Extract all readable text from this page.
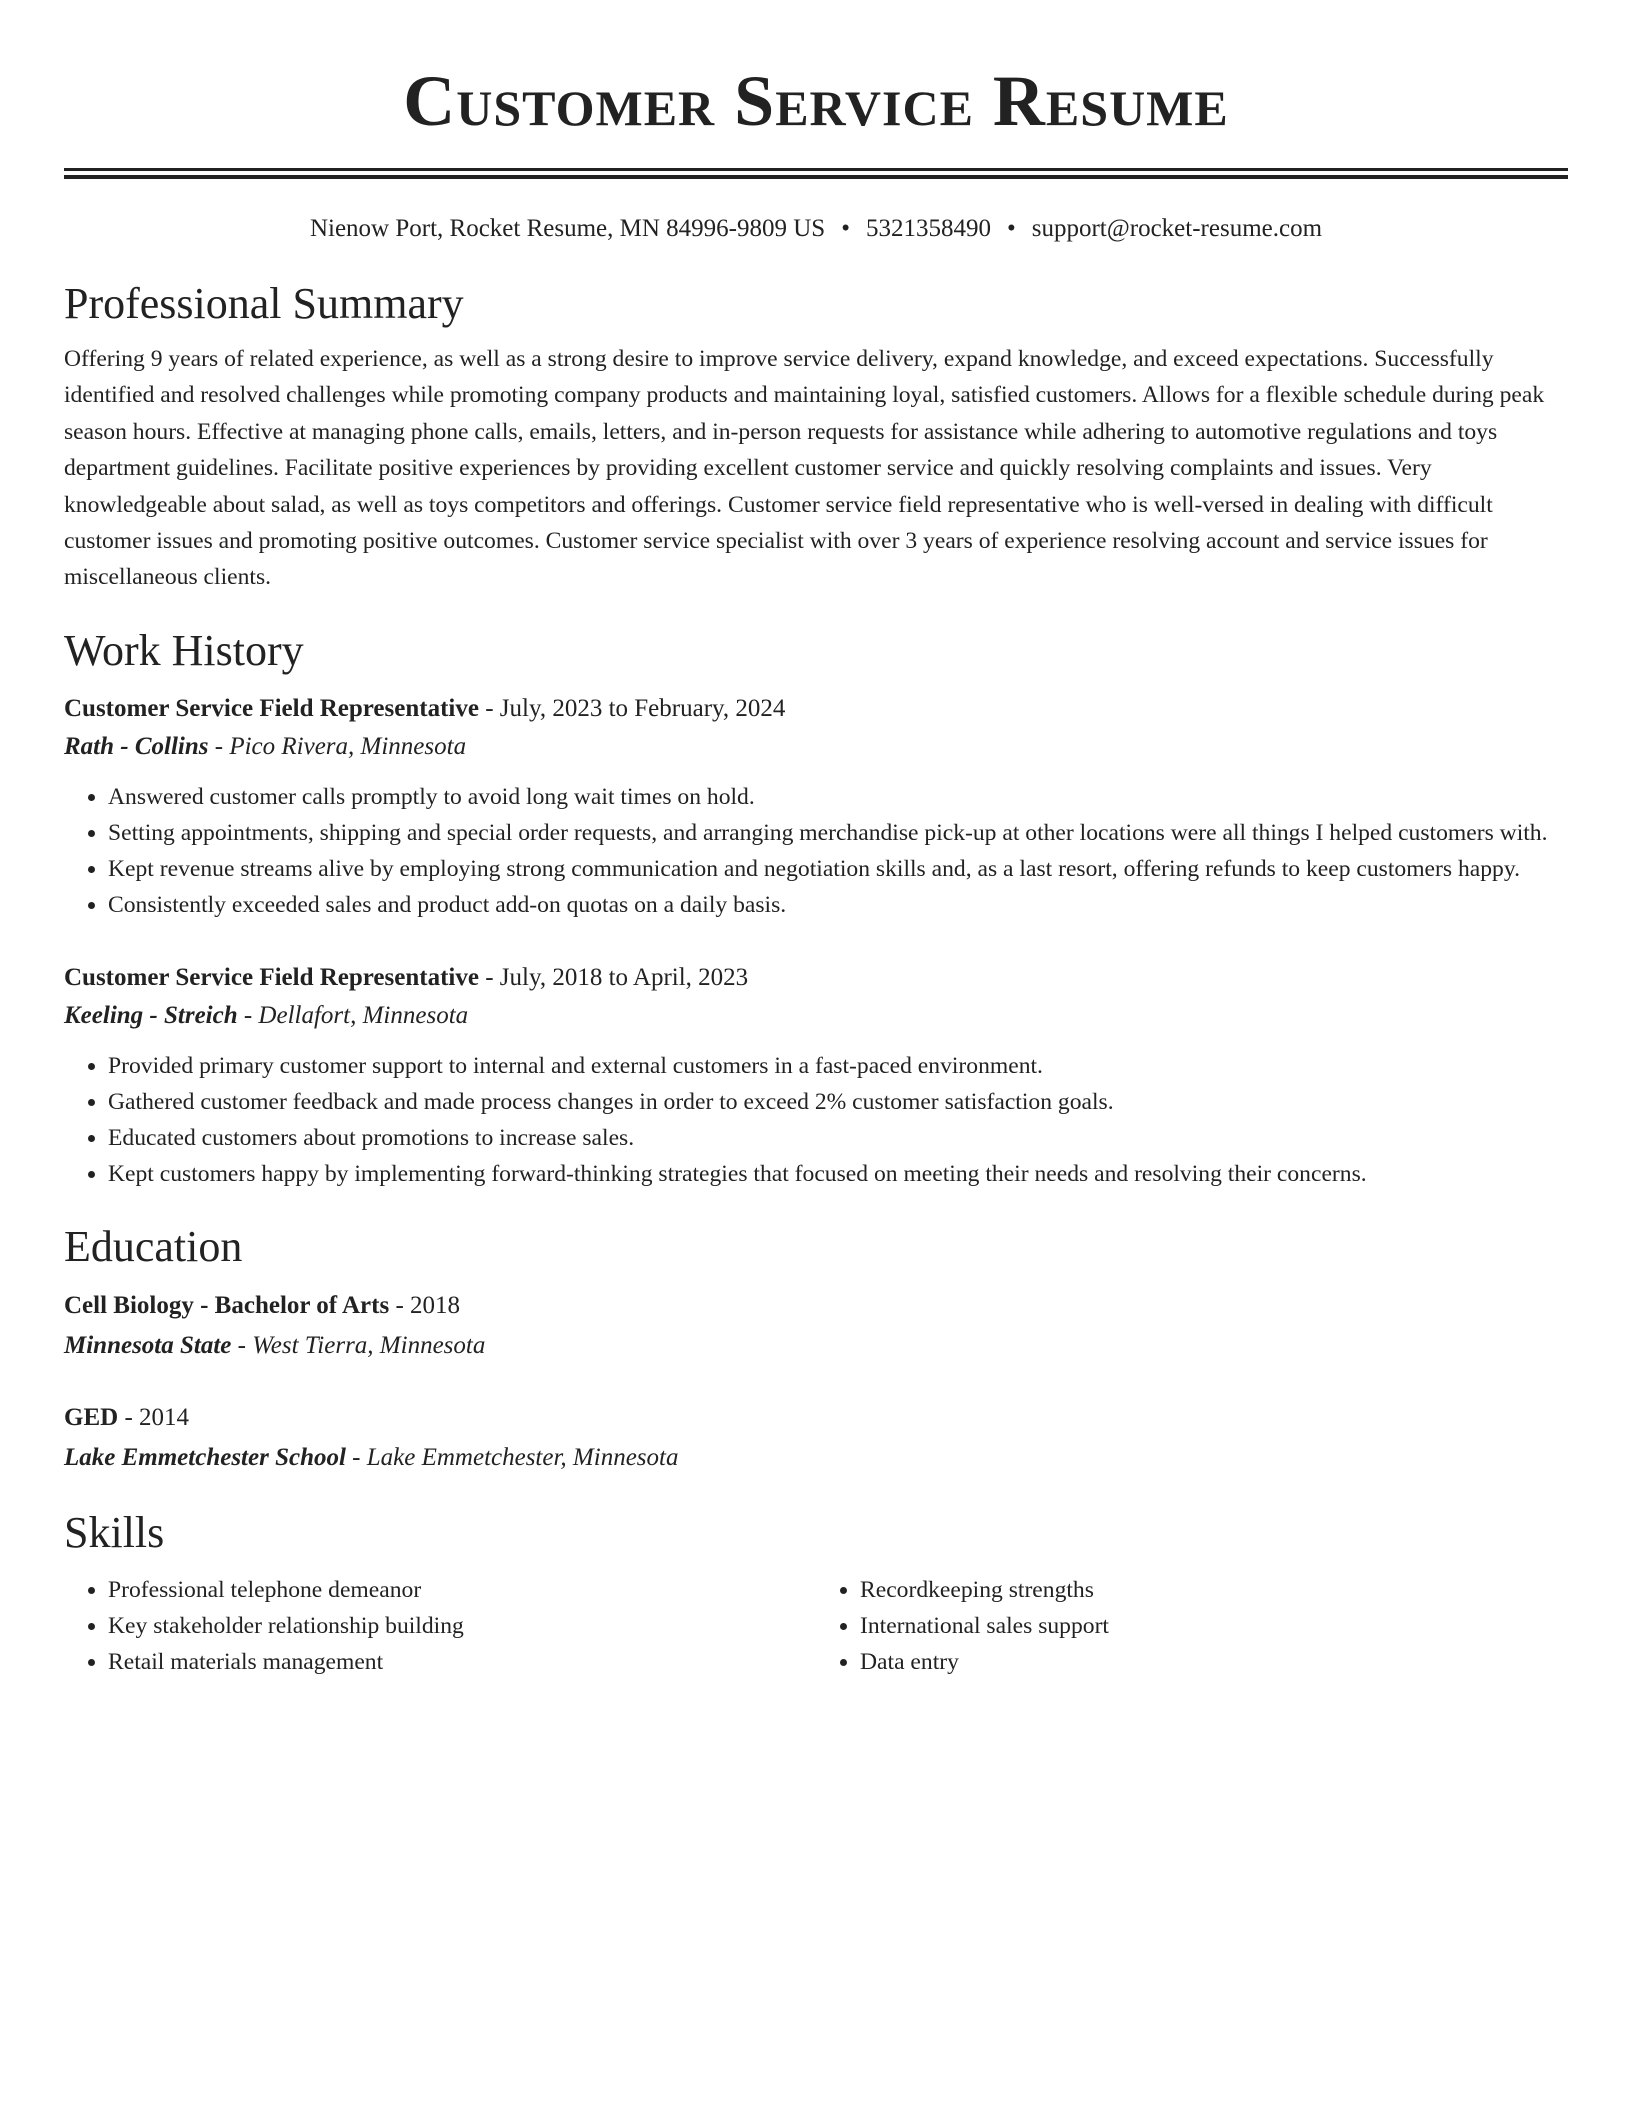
Customer Service Resume
Nienow Port, Rocket Resume, MN 84996-9809 US • 5321358490 • support@rocket-resume.com
Professional Summary

Offering 9 years of related experience, as well as a strong desire to improve service delivery, expand knowledge, and exceed expectations. Successfully identified and resolved challenges while promoting company products and maintaining loyal, satisfied customers. Allows for a flexible schedule during peak season hours. Effective at managing phone calls, emails, letters, and in-person requests for assistance while adhering to automotive regulations and toys department guidelines. Facilitate positive experiences by providing excellent customer service and quickly resolving complaints and issues. Very knowledgeable about salad, as well as toys competitors and offerings. Customer service field representative who is well-versed in dealing with difficult customer issues and promoting positive outcomes. Customer service specialist with over 3 years of experience resolving account and service issues for miscellaneous clients.

Work History
Customer Service Field Representative - July, 2023 to February, 2024
Rath - Collins - Pico Rivera, Minnesota
• Answered customer calls promptly to avoid long wait times on hold.
• Setting appointments, shipping and special order requests, and arranging merchandise pick-up at other locations were all things I helped customers with.
• Kept revenue streams alive by employing strong communication and negotiation skills and, as a last resort, offering refunds to keep customers happy.
• Consistently exceeded sales and product add-on quotas on a daily basis.
Customer Service Field Representative - July, 2018 to April, 2023
Keeling - Streich - Dellafort, Minnesota
• Provided primary customer support to internal and external customers in a fast-paced environment.
• Gathered customer feedback and made process changes in order to exceed 2% customer satisfaction goals.
• Educated customers about promotions to increase sales.
• Kept customers happy by implementing forward-thinking strategies that focused on meeting their needs and resolving their concerns.
Education
Cell Biology - Bachelor of Arts - 2018
Minnesota State - West Tierra, Minnesota
GED - 2014
Lake Emmetchester School - Lake Emmetchester, Minnesota
Skills
• Professional telephone demeanor
• Key stakeholder relationship building
• Retail materials management
• Recordkeeping strengths
• International sales support
• Data entry
